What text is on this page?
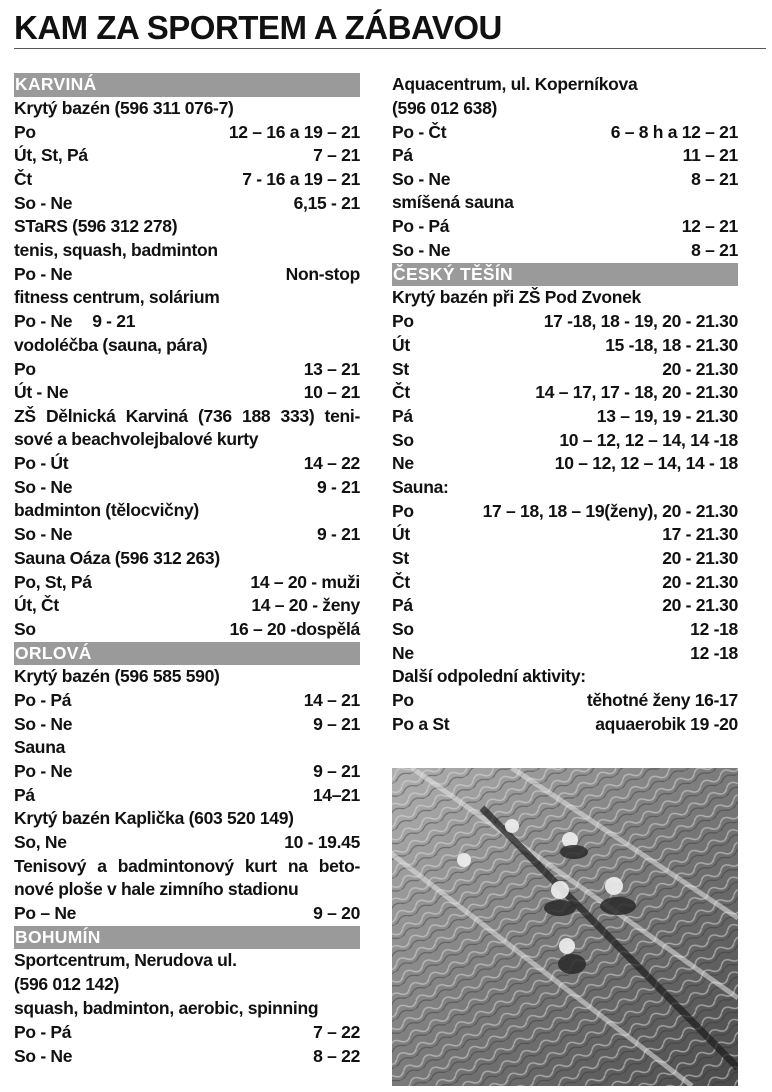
KAM ZA SPORTEM A ZÁBAVOU
KARVINÁ
Krytý bazén (596 311 076-7)
Po	12 – 16 a 19 – 21
Út, St, Pá	7 – 21
Čt	7 - 16 a 19 – 21
So - Ne	6,15 - 21
STaRS (596 312 278)
tenis, squash, badminton
Po - Ne	Non-stop
fitness centrum, solárium
Po - Ne 9 - 21
vodoléčba (sauna, pára)
Po	13 – 21
Út - Ne	10 – 21
ZŠ Dělnická Karviná (736 188 333) teni-
sové a beachvolejbalové kurty
Po - Út	14 – 22
So - Ne	9 - 21
badminton (tělocvičny)
So - Ne	9 - 21
Sauna Oáza (596 312 263)
Po, St, Pá	14 – 20 - muži
Út, Čt	14 – 20 - ženy
So	16 – 20 -dospělá
ORLOVÁ
Krytý bazén (596 585 590)
Po - Pá	14 – 21
So - Ne	9 – 21
Sauna
Po - Ne	9 – 21
Pá	14–21
Krytý bazén Kaplička (603 520 149)
So, Ne	10 - 19.45
Tenisový a badmintonový kurt na beto-
nové ploše v hale zimního stadionu
Po – Ne	9 – 20
BOHUMÍN
Sportcentrum, Nerudova ul.
(596 012 142)
squash, badminton, aerobic, spinning
Po - Pá	7 – 22
So - Ne	8 – 22
Aquacentrum, ul. Koperníkova
(596 012 638)
Po - Čt	6 – 8 h a 12 – 21
Pá	11 – 21
So - Ne	8 – 21
smíšená sauna
Po - Pá	12 – 21
So - Ne	8 – 21
ČESKÝ TĚŠÍN
Krytý bazén při ZŠ Pod Zvonek
Po	17 -18, 18 - 19, 20 - 21.30
Út	15 -18, 18 - 21.30
St	20 - 21.30
Čt	14 – 17, 17 - 18, 20 - 21.30
Pá	13 – 19, 19 - 21.30
So	10 – 12, 12 – 14, 14 -18
Ne	10 – 12, 12 – 14, 14 - 18
Sauna:
Po	17 – 18, 18 – 19(ženy), 20 - 21.30
Út	17 - 21.30
St	20 - 21.30
Čt	20 - 21.30
Pá	20 - 21.30
So	12 -18
Ne	12 -18
Další odpolední aktivity:
Po	těhotné ženy 16-17
Po a St	aquaerobik 19 -20
